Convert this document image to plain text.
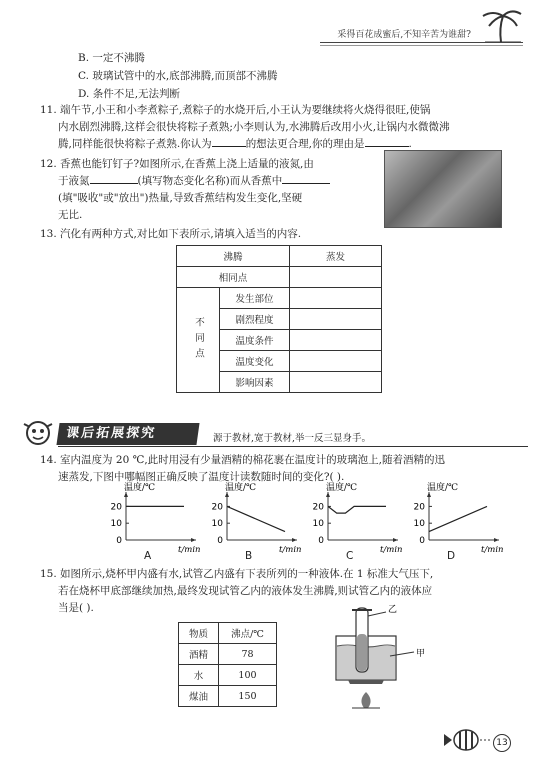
采得百花成蜜后,不知辛苦为谁甜?
B. 一定不沸腾
C. 玻璃试管中的水,底部沸腾,而顶部不沸腾
D. 条件不足,无法判断
11. 端午节,小王和小李煮粽子,煮粽子的水烧开后,小王认为要继续将火烧得很旺,使锅
内水剧烈沸腾,这样会很快将粽子煮熟;小李则认为,水沸腾后改用小火,让锅内水微微沸
腾,同样能很快将粽子煮熟.你认为	的想法更合理,你的理由是	.
12. 香蕉也能钉钉子?如图所示,在香蕉上浇上适量的液氮,由
于液氮	(填写物态变化名称)而从香蕉中
(填"吸收"或"放出")热量,导致香蕉结构发生变化,坚硬
无比.
13. 汽化有两种方式,对比如下表所示,请填入适当的内容.
沸腾		蒸发
相同点		
不同点	发生部位	
	剧烈程度	
	温度条件	
	温度变化	
	影响因素	
课后拓展探究	源于教材,宽于教材,举一反三显身手。
14. 室内温度为 20 ℃,此时用浸有少量酒精的棉花裹在温度计的玻璃泡上,随着酒精的迅
速蒸发,下图中哪幅图正确反映了温度计读数随时间的变化?( ).
20
10
0
温度/℃
t/min
A
20
10
0
温度/℃
t/min
B
20
10
0
温度/℃
t/min
C
20
10
0
温度/℃
t/min
D
15. 如图所示,烧杯甲内盛有水,试管乙内盛有下表所列的一种液体.在 1 标准大气压下,
若在烧杯甲底部继续加热,最终发现试管乙内的液体发生沸腾,则试管乙内的液体应
当是( ).
物质	沸点/℃
酒精	78
水	100
煤油	150
乙
甲
13
